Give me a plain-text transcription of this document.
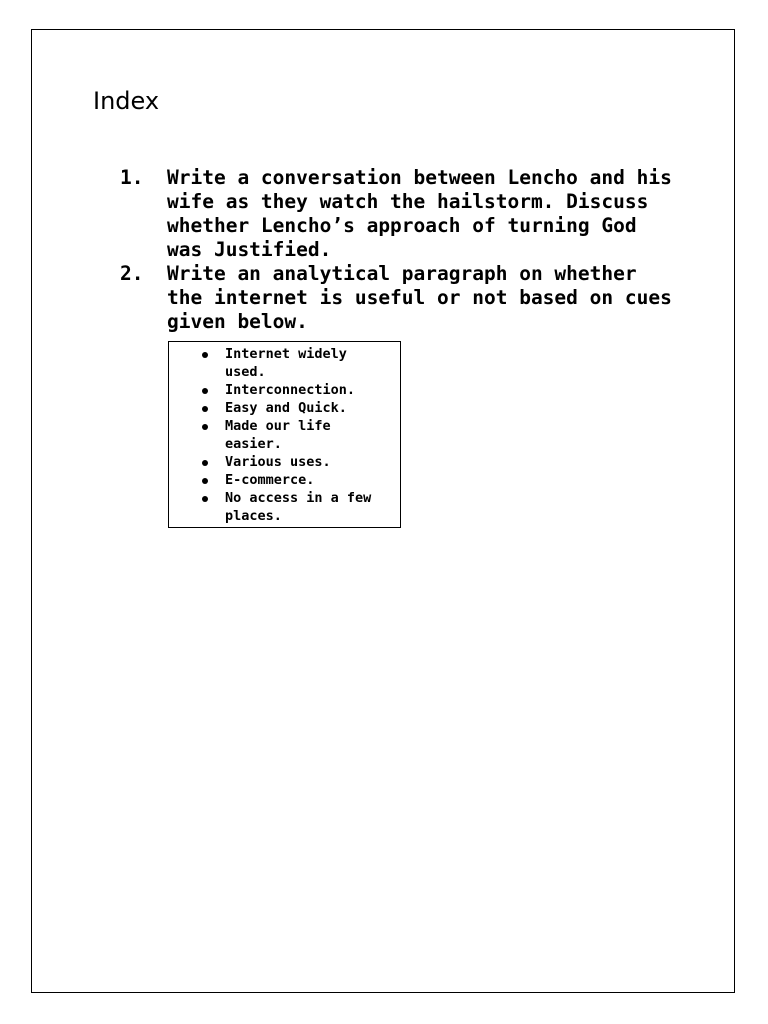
Index
1. Write a conversation between Lencho and his wife as they watch the hailstorm. Discuss whether Lencho’s approach of turning God was Justified.
2. Write an analytical paragraph on whether the internet is useful or not based on cues given below.
Internet widely used.
Interconnection.
Easy and Quick.
Made our life easier.
Various uses.
E-commerce.
No access in a few places.
